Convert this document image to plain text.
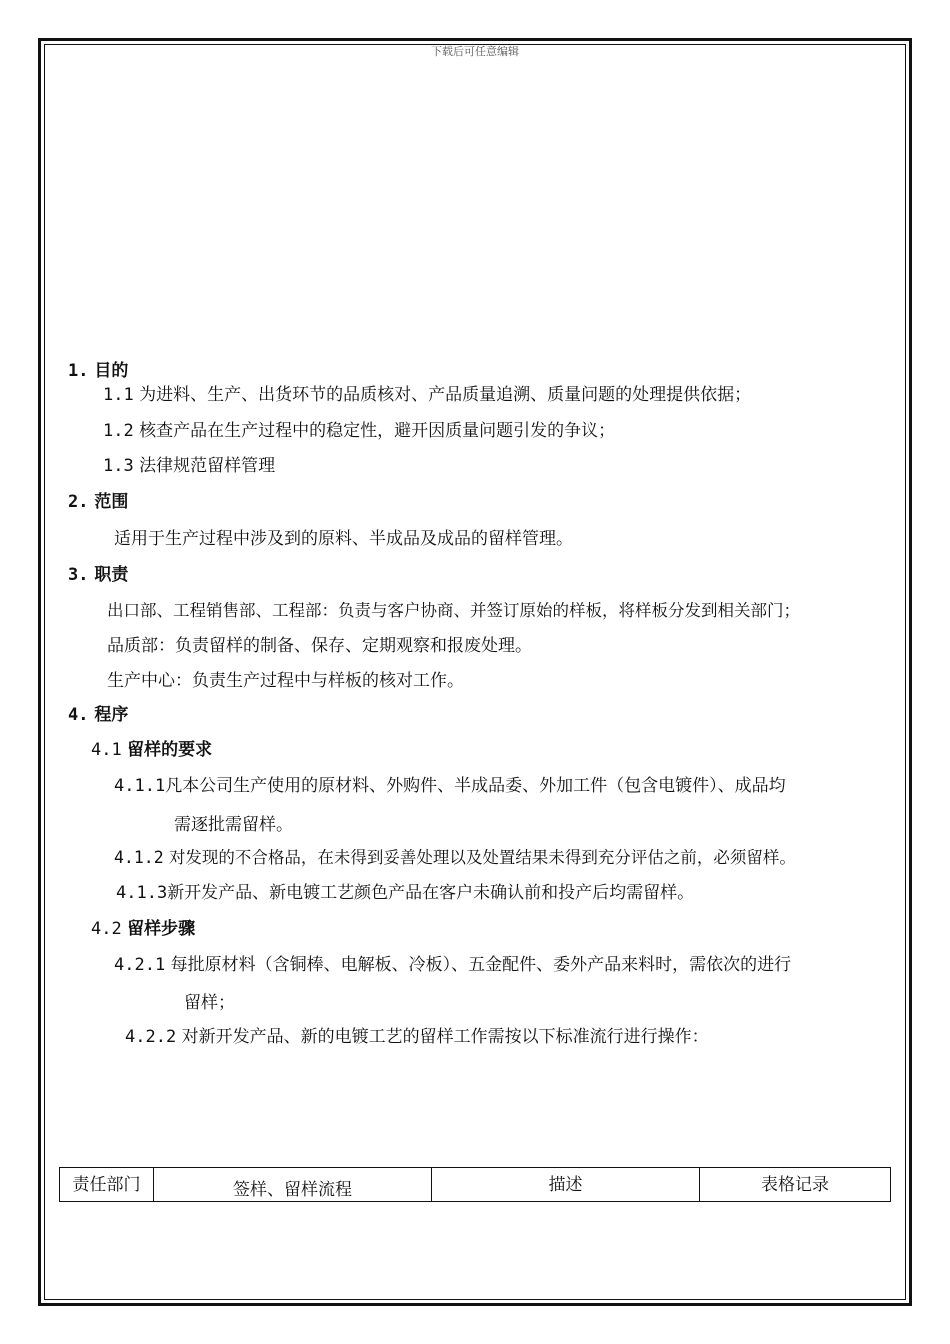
下载后可任意编辑
1. 目的
1.1 为进料、生产、出货环节的品质核对、产品质量追溯、质量问题的处理提供依据；
1.2 核查产品在生产过程中的稳定性，避开因质量问题引发的争议；
1.3 法律规范留样管理
2. 范围
适用于生产过程中涉及到的原料、半成品及成品的留样管理。
3. 职责
出口部、工程销售部、工程部：负责与客户协商、并签订原始的样板，将样板分发到相关部门；
品质部：负责留样的制备、保存、定期观察和报废处理。
生产中心：负责生产过程中与样板的核对工作。
4. 程序
4.1 留样的要求
4.1.1凡本公司生产使用的原材料、外购件、半成品委、外加工件（包含电镀件）、成品均
需逐批需留样。
4.1.2 对发现的不合格品，在未得到妥善处理以及处置结果未得到充分评估之前，必须留样。
4.1.3新开发产品、新电镀工艺颜色产品在客户未确认前和投产后均需留样。
4.2 留样步骤
4.2.1 每批原材料（含铜棒、电解板、冷板）、五金配件、委外产品来料时，需依次的进行
留样；
4.2.2 对新开发产品、新的电镀工艺的留样工作需按以下标准流行进行操作：
责任部门	签样、留样流程	描述	表格记录
